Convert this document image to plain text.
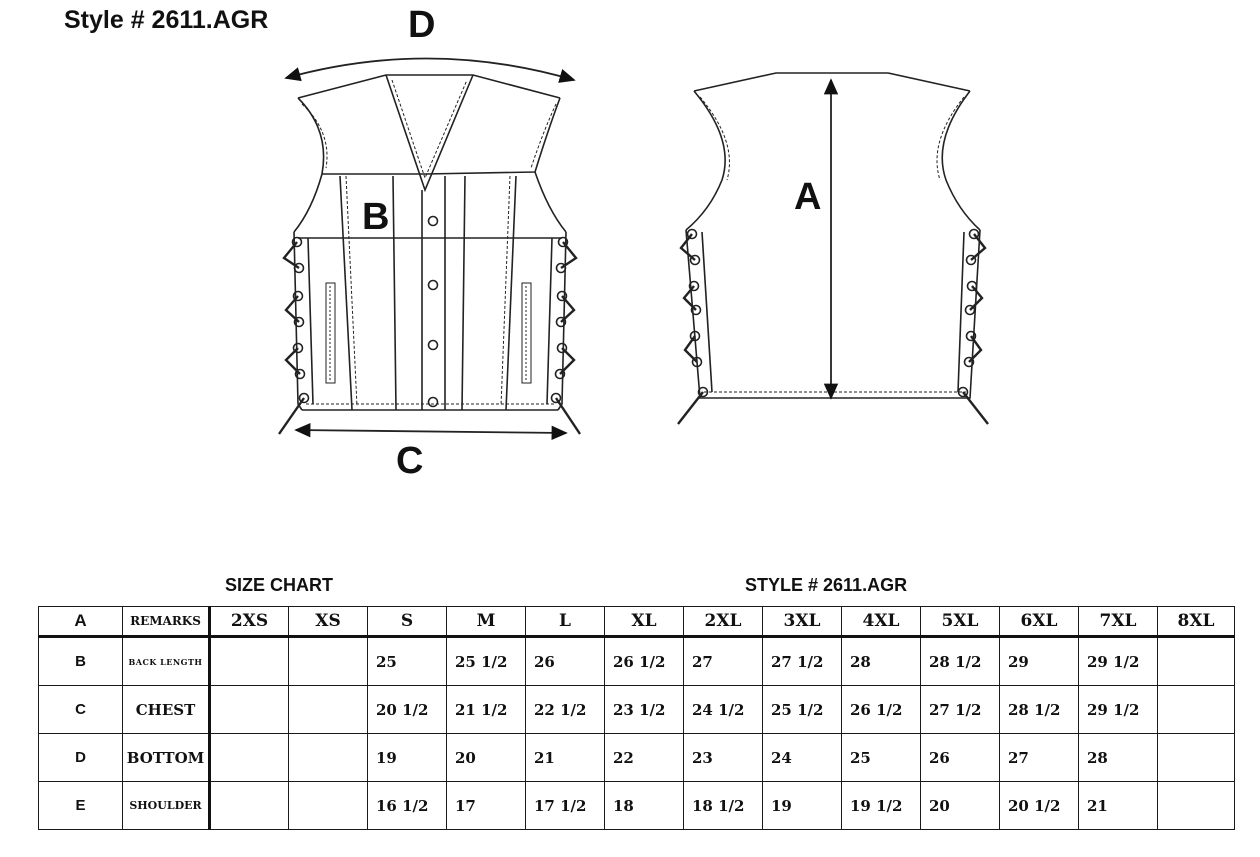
Style # 2611.AGR	D
B
C
A
SIZE CHART	STYLE # 2611.AGR
A	REMARKS	2XS	XS	S	M	L	XL	2XL	3XL	4XL	5XL	6XL	7XL	8XL
B	BACK LENGTH			25	25 1/2	26	26 1/2	27	27 1/2	28	28 1/2	29	29 1/2	
C	CHEST			20 1/2	21 1/2	22 1/2	23 1/2	24 1/2	25 1/2	26 1/2	27 1/2	28 1/2	29 1/2	
D	BOTTOM			19	20	21	22	23	24	25	26	27	28	
E	SHOULDER			16 1/2	17	17 1/2	18	18 1/2	19	19 1/2	20	20 1/2	21	
